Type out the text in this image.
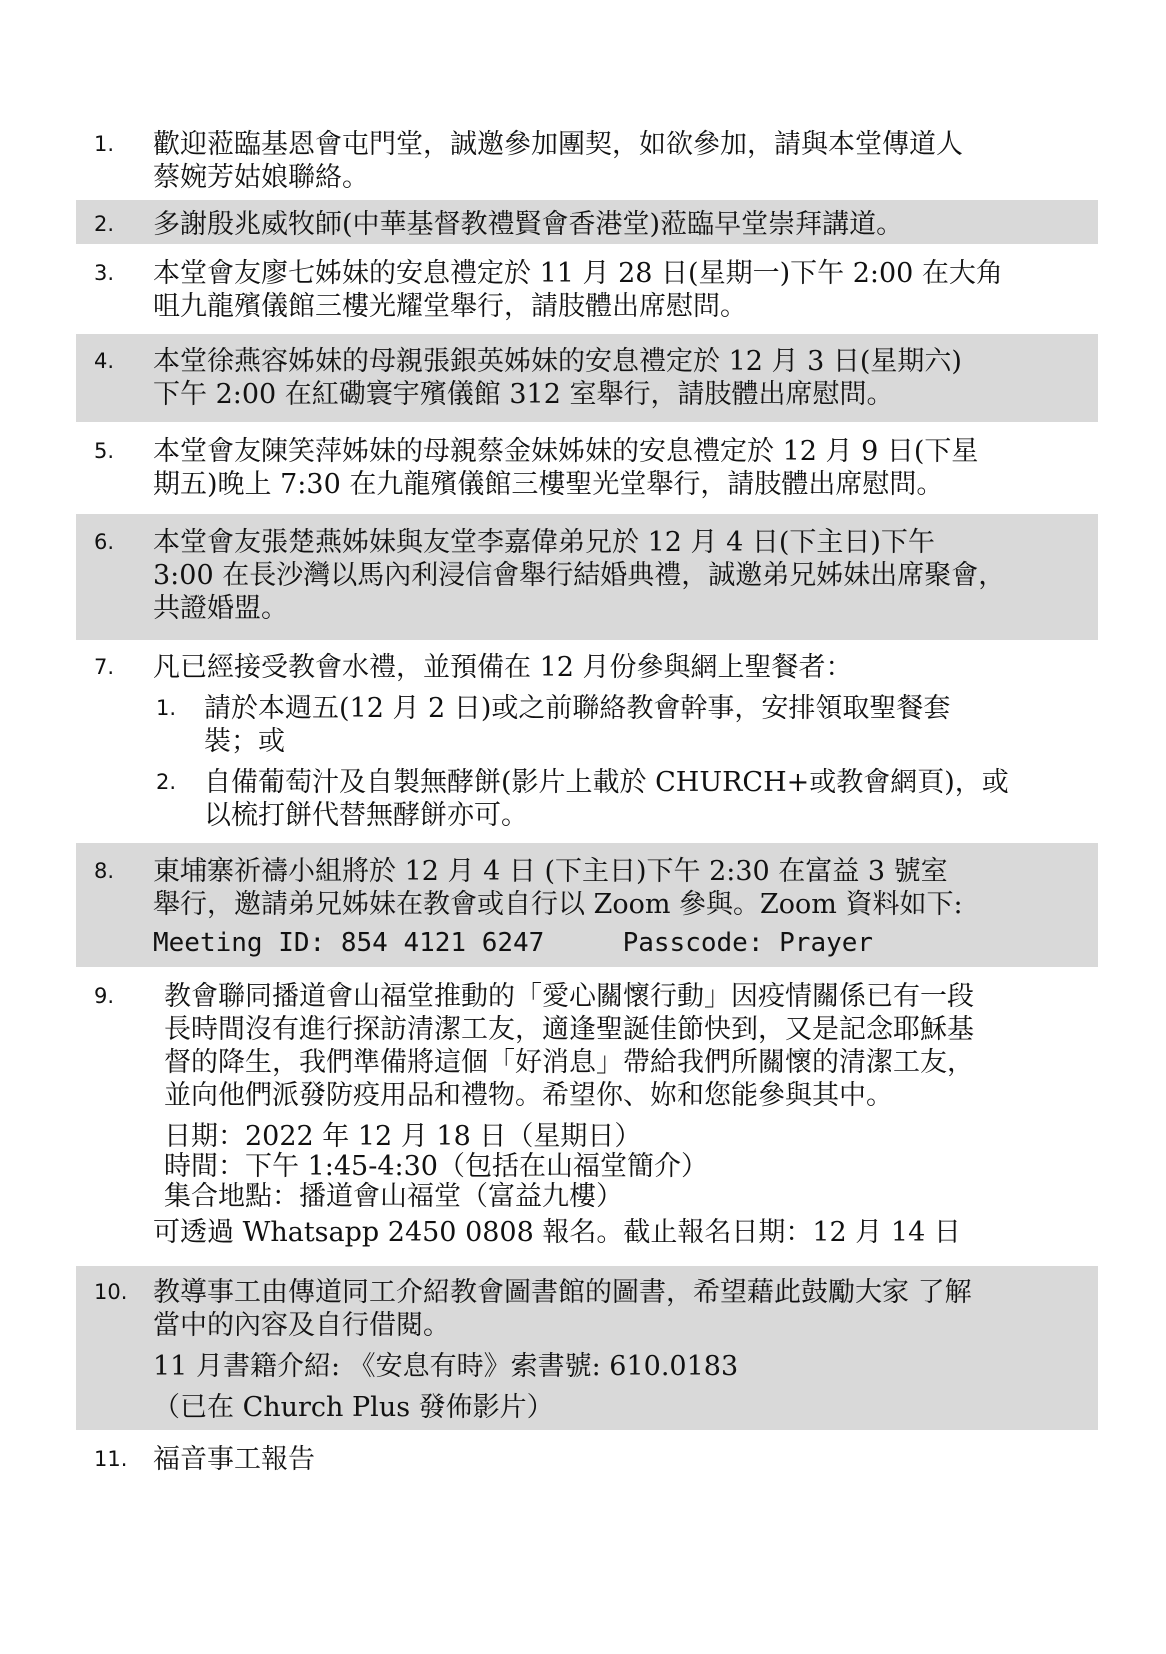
1. 歡迎蒞臨基恩會屯門堂，誠邀參加團契，如欲參加，請與本堂傳道人

蔡婉芳姑娘聯絡。

2. 多謝殷兆威牧師(中華基督教禮賢會香港堂)蒞臨早堂崇拜講道。

3. 本堂會友廖七姊妹的安息禮定於 11 月 28 日(星期一)下午 2:00 在大角

咀九龍殯儀館三樓光耀堂舉行，請肢體出席慰問。

4. 本堂徐燕容姊妹的母親張銀英姊妹的安息禮定於 12 月 3 日(星期六)

下午 2:00 在紅磡寰宇殯儀館 312 室舉行，請肢體出席慰問。

5. 本堂會友陳笑萍姊妹的母親蔡金妹姊妹的安息禮定於 12 月 9 日(下星

期五)晚上 7:30 在九龍殯儀館三樓聖光堂舉行，請肢體出席慰問。

6. 本堂會友張楚燕姊妹與友堂李嘉偉弟兄於 12 月 4 日(下主日)下午

3:00 在長沙灣以馬內利浸信會舉行結婚典禮，誠邀弟兄姊妹出席聚會，

共證婚盟。

7. 凡已經接受教會水禮，並預備在 12 月份參與網上聖餐者：

1. 請於本週五(12 月 2 日)或之前聯絡教會幹事，安排領取聖餐套

裝；或

2. 自備葡萄汁及自製無酵餅(影片上載於 CHURCH+或教會網頁)，或

以梳打餅代替無酵餅亦可。

8. 東埔寨祈禱小組將於 12 月 4 日 (下主日)下午 2:30 在富益 3 號室

舉行，邀請弟兄姊妹在教會或自行以 Zoom 參與。Zoom 資料如下:

Meeting ID: 854 4121 6247     Passcode: Prayer

9. 教會聯同播道會山福堂推動的「愛心關懷行動」因疫情關係已有一段

長時間沒有進行探訪清潔工友，適逢聖誕佳節快到，又是記念耶穌基

督的降生，我們準備將這個「好消息」帶給我們所關懷的清潔工友，

並向他們派發防疫用品和禮物。希望你、妳和您能參與其中。

日期：2022 年 12 月 18 日（星期日）

時間：下午 1:45-4:30（包括在山福堂簡介）

集合地點：播道會山福堂（富益九樓）

可透過 Whatsapp 2450 0808 報名。截止報名日期：12 月 14 日

10. 教導事工由傳道同工介紹教會圖書館的圖書，希望藉此鼓勵大家 了解

當中的內容及自行借閱。

11 月書籍介紹: 《安息有時》索書號: 610.0183

（已在 Church Plus 發佈影片）

11. 福音事工報告
